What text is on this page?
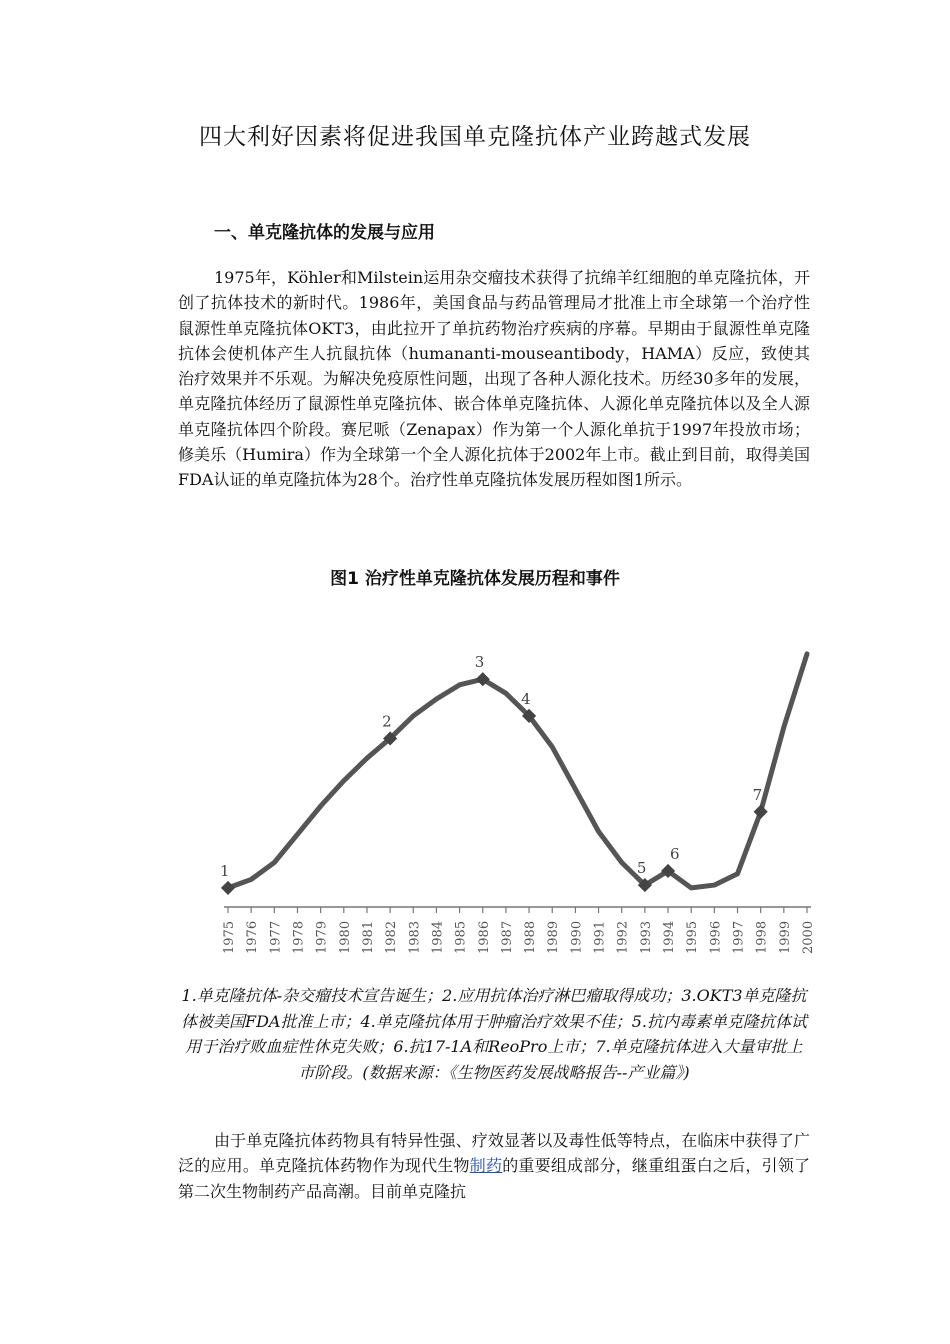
四大利好因素将促进我国单克隆抗体产业跨越式发展
一、单克隆抗体的发展与应用

1975年，Köhler和Milstein运用杂交瘤技术获得了抗绵羊红细胞的单克隆抗体，开创了抗体技术的新时代。1986年，美国食品与药品管理局才批准上市全球第一个治疗性鼠源性单克隆抗体OKT3，由此拉开了单抗药物治疗疾病的序幕。早期由于鼠源性单克隆抗体会使机体产生人抗鼠抗体（humananti-mouseantibody，HAMA）反应，致使其治疗效果并不乐观。为解决免疫原性问题，出现了各种人源化技术。历经30多年的发展，单克隆抗体经历了鼠源性单克隆抗体、嵌合体单克隆抗体、人源化单克隆抗体以及全人源单克隆抗体四个阶段。赛尼哌（Zenapax）作为第一个人源化单抗于1997年投放市场；修美乐（Humira）作为全球第一个全人源化抗体于2002年上市。截止到目前，取得美国FDA认证的单克隆抗体为28个。治疗性单克隆抗体发展历程如图1所示。

图1 治疗性单克隆抗体发展历程和事件
1975 1976 1977 1978 1979 1980 1981 1982 1983 1984 1985 1986 1987 1988 1989 1990 1991 1992 1993 1994 1995 1996 1997 1998 1999 2000
1
2
3
4
5
6
7

1.单克隆抗体-杂交瘤技术宣告诞生；2.应用抗体治疗淋巴瘤取得成功；3.OKT3单克隆抗体被美国FDA批准上市；4.单克隆抗体用于肿瘤治疗效果不佳；5.抗内毒素单克隆抗体试用于治疗败血症性休克失败；6.抗17-1A和ReoPro上市；7.单克隆抗体进入大量审批上市阶段。(数据来源：《生物医药发展战略报告--产业篇》)

由于单克隆抗体药物具有特异性强、疗效显著以及毒性低等特点，在临床中获得了广泛的应用。单克隆抗体药物作为现代生物制药的重要组成部分，继重组蛋白之后，引领了第二次生物制药产品高潮。目前单克隆抗
